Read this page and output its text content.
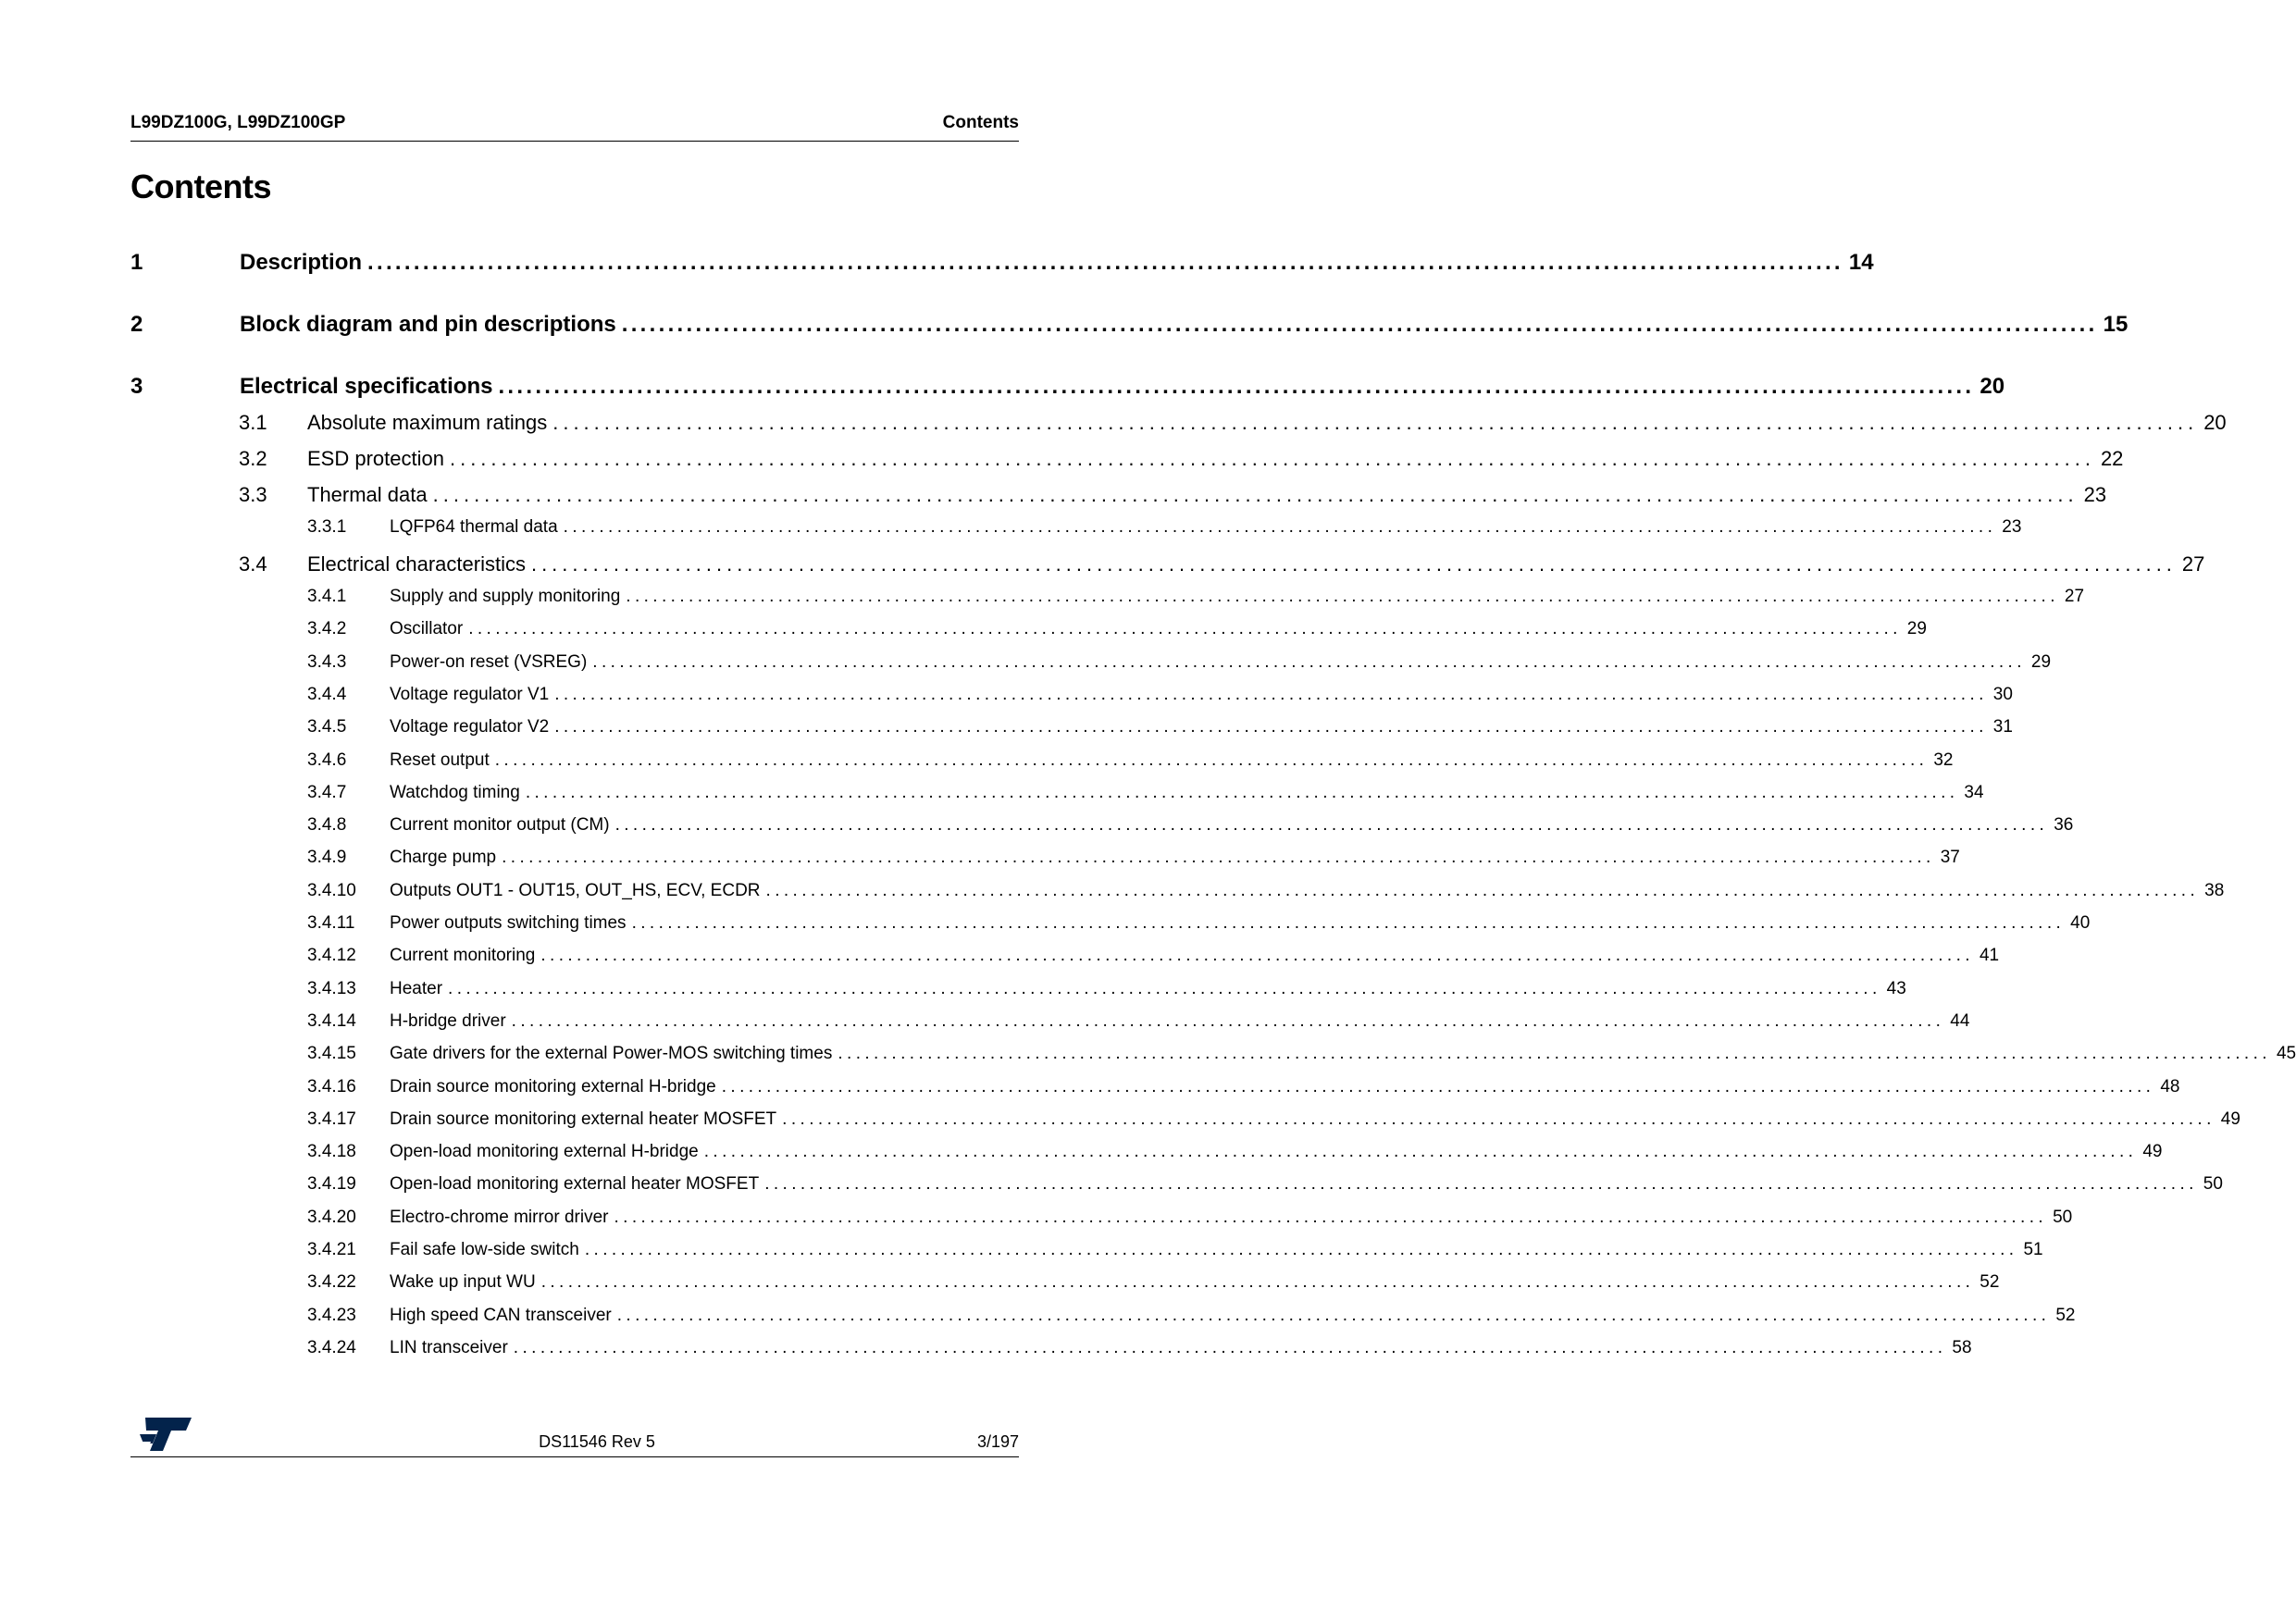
L99DZ100G, L99DZ100GP	Contents
Contents
1	Description ................................................................................................................................................................ 14
2	Block diagram and pin descriptions ................................................................................................................................................................ 15
3	Electrical specifications ................................................................................................................................................................ 20
3.1	Absolute maximum ratings ................................................................................................................................................................ 20
3.2	ESD protection ................................................................................................................................................................ 22
3.3	Thermal data ................................................................................................................................................................ 23
3.3.1	LQFP64 thermal data ................................................................................................................................................................ 23
3.4	Electrical characteristics ................................................................................................................................................................ 27
3.4.1	Supply and supply monitoring ................................................................................................................................................................ 27
3.4.2	Oscillator ................................................................................................................................................................ 29
3.4.3	Power-on reset (VSREG) ................................................................................................................................................................ 29
3.4.4	Voltage regulator V1 ................................................................................................................................................................ 30
3.4.5	Voltage regulator V2 ................................................................................................................................................................ 31
3.4.6	Reset output ................................................................................................................................................................ 32
3.4.7	Watchdog timing ................................................................................................................................................................ 34
3.4.8	Current monitor output (CM) ................................................................................................................................................................ 36
3.4.9	Charge pump ................................................................................................................................................................ 37
3.4.10	Outputs OUT1 - OUT15, OUT_HS, ECV, ECDR ................................................................................................................................................................ 38
3.4.11	Power outputs switching times ................................................................................................................................................................ 40
3.4.12	Current monitoring ................................................................................................................................................................ 41
3.4.13	Heater ................................................................................................................................................................ 43
3.4.14	H-bridge driver ................................................................................................................................................................ 44
3.4.15	Gate drivers for the external Power-MOS switching times ................................................................................................................................................................ 45
3.4.16	Drain source monitoring external H-bridge ................................................................................................................................................................ 48
3.4.17	Drain source monitoring external heater MOSFET ................................................................................................................................................................ 49
3.4.18	Open-load monitoring external H-bridge ................................................................................................................................................................ 49
3.4.19	Open-load monitoring external heater MOSFET ................................................................................................................................................................ 50
3.4.20	Electro-chrome mirror driver ................................................................................................................................................................ 50
3.4.21	Fail safe low-side switch ................................................................................................................................................................ 51
3.4.22	Wake up input WU ................................................................................................................................................................ 52
3.4.23	High speed CAN transceiver ................................................................................................................................................................ 52
3.4.24	LIN transceiver ................................................................................................................................................................ 58
DS11546 Rev 5	3/197
